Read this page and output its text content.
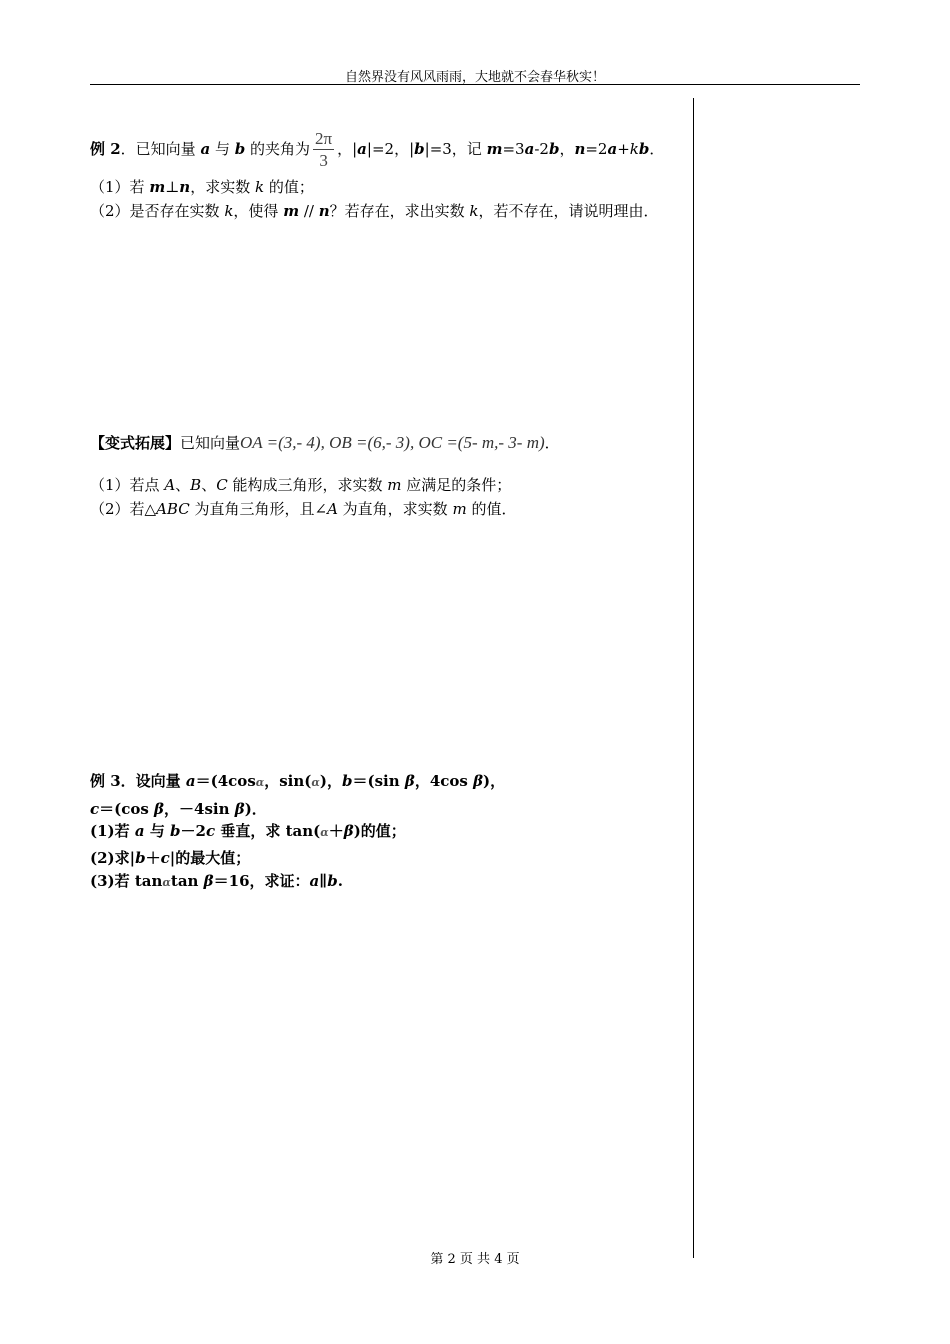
自然界没有风风雨雨，大地就不会春华秋实！
例 2．已知向量 a 与 b 的夹角为 $\frac{2\pi}{3}$ ，|a|=2，|b|=3，记 m=3a-2b，n=2a+kb．
（1）若 m⊥n，求实数 k 的值；
（2）是否存在实数 k，使得 m // n？若存在，求出实数 k，若不存在，请说明理由．
【变式拓展】已知向量OA =(3,- 4), OB =(6,- 3), OC =(5- m,- 3- m)．
（1）若点 A、B、C 能构成三角形，求实数 m 应满足的条件；
（2）若△ABC 为直角三角形，且∠A 为直角，求实数 m 的值．
例 3．设向量 a＝(4cosα，sin(α)，b＝(sin β，4cos β)，
c＝(cos β，－4sin β)．
(1)若 a 与 b－2c 垂直，求 tan(α＋β)的值；
(2)求|b＋c|的最大值；
(3)若 tanαtan β＝16，求证：a∥b.
第 2 页 共 4 页
